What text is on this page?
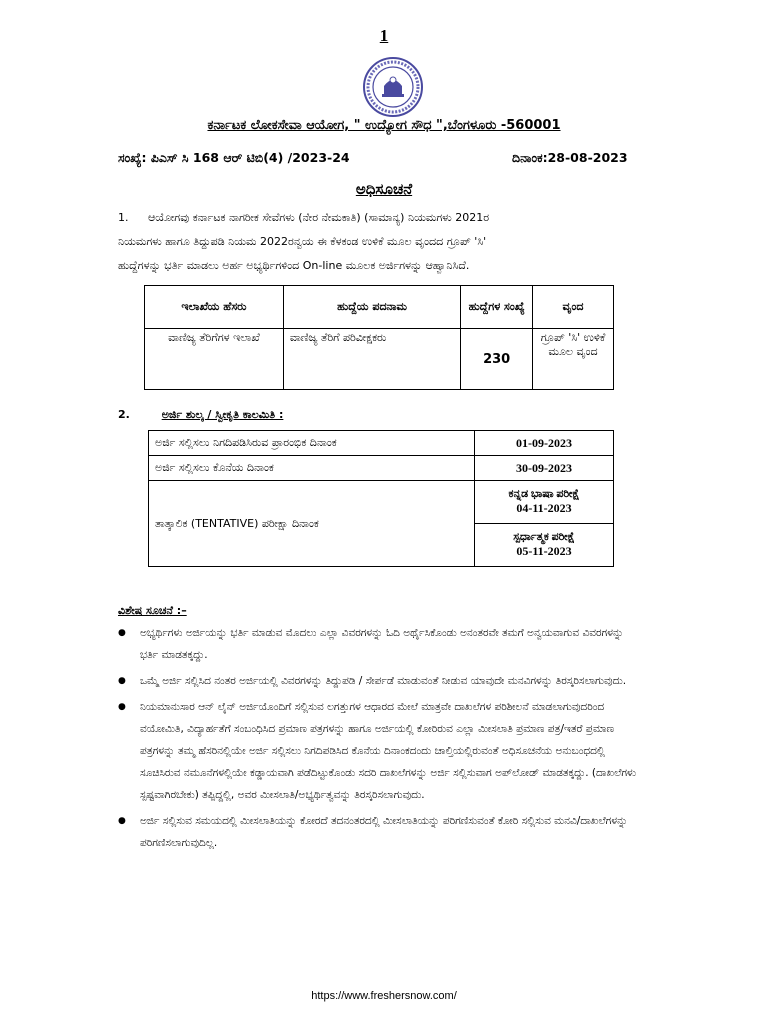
1
ಕರ್ನಾಟಕ ಲೋಕಸೇವಾ ಆಯೋಗ, " ಉದ್ಯೋಗ ಸೌಧ ",ಬೆಂಗಳೂರು -560001
ಸಂಖ್ಯೆ: ಪಿಎಸ್ ಸಿ 168 ಆರ್ ಟಿಬಿ(4) /2023-24	ದಿನಾಂಕ:28-08-2023
ಅಧಿಸೂಚನೆ
1.	ಆಯೋಗವು ಕರ್ನಾಟಕ ನಾಗರೀಕ ಸೇವೆಗಳು (ನೇರ ನೇಮಕಾತಿ) (ಸಾಮಾನ್ಯ) ನಿಯಮಗಳು 2021ರ
ನಿಯಮಗಳು ಹಾಗೂ ತಿದ್ದುಪಡಿ ನಿಯಮ 2022ರನ್ವಯ ಈ ಕೆಳಕಂಡ ಉಳಿಕೆ ಮೂಲ ವೃಂದದ ಗ್ರೂಪ್ 'ಸಿ'
ಹುದ್ದೆಗಳನ್ನು ಭರ್ತಿ ಮಾಡಲು ಅರ್ಹ ಅಭ್ಯರ್ಥಿಗಳಿಂದ On-line ಮೂಲಕ ಅರ್ಜಿಗಳನ್ನು ಆಹ್ವಾನಿಸಿದೆ.
ಇಲಾಖೆಯ ಹೆಸರು	ಹುದ್ದೆಯ ಪದನಾಮ	ಹುದ್ದೆಗಳ ಸಂಖ್ಯೆ	ವೃಂದ
ವಾಣಿಜ್ಯ ತೆರಿಗೆಗಳ ಇಲಾಖೆ	ವಾಣಿಜ್ಯ ತೆರಿಗೆ ಪರಿವೀಕ್ಷಕರು	230	ಗ್ರೂಪ್ 'ಸಿ' ಉಳಿಕೆ ಮೂಲ ವೃಂದ
2.	ಅರ್ಜಿ ಶುಲ್ಕ / ಸ್ವೀಕೃತಿ ಕಾಲಮಿತಿ :
ಅರ್ಜಿ ಸಲ್ಲಿಸಲು ನಿಗದಿಪಡಿಸಿರುವ ಪ್ರಾರಂಭಿಕ ದಿನಾಂಕ	01-09-2023
ಅರ್ಜಿ ಸಲ್ಲಿಸಲು ಕೊನೆಯ ದಿನಾಂಕ	30-09-2023
ತಾತ್ಕಾಲಿಕ (TENTATIVE) ಪರೀಕ್ಷಾ ದಿನಾಂಕ	ಕನ್ನಡ ಭಾಷಾ ಪರೀಕ್ಷೆ
04-11-2023

	ಸ್ಪರ್ಧಾತ್ಮಕ ಪರೀಕ್ಷೆ
05-11-2023
ವಿಶೇಷ ಸೂಚನೆ :–
● ಅಭ್ಯರ್ಥಿಗಳು ಅರ್ಜಿಯನ್ನು ಭರ್ತಿ ಮಾಡುವ ಮೊದಲು ಎಲ್ಲಾ ವಿವರಗಳನ್ನು ಓದಿ ಅರ್ಥೈಸಿಕೊಂಡು ಅನಂತರವೇ ತಮಗೆ ಅನ್ವಯವಾಗುವ ವಿವರಗಳನ್ನು ಭರ್ತಿ ಮಾಡತಕ್ಕದ್ದು.
● ಒಮ್ಮೆ ಅರ್ಜಿ ಸಲ್ಲಿಸಿದ ನಂತರ ಅರ್ಜಿಯಲ್ಲಿ ವಿವರಗಳನ್ನು ತಿದ್ದುಪಡಿ / ಸೇರ್ಪಡೆ ಮಾಡುವಂತೆ ನೀಡುವ ಯಾವುದೇ ಮನವಿಗಳನ್ನು ತಿರಸ್ಕರಿಸಲಾಗುವುದು.
● ನಿಯಮಾನುಸಾರ ಆನ್ ಲೈನ್ ಅರ್ಜಿಯೊಂದಿಗೆ ಸಲ್ಲಿಸುವ ಲಗತ್ತುಗಳ ಆಧಾರದ ಮೇಲೆ ಮಾತ್ರವೇ ದಾಖಲೆಗಳ ಪರಿಶೀಲನೆ ಮಾಡಲಾಗುವುದರಿಂದ ವಯೋಮಿತಿ, ವಿದ್ಯಾರ್ಹತೆಗೆ ಸಂಬಂಧಿಸಿದ ಪ್ರಮಾಣ ಪತ್ರಗಳನ್ನು ಹಾಗೂ ಅರ್ಜಿಯಲ್ಲಿ ಕೋರಿರುವ ಎಲ್ಲಾ ಮೀಸಲಾತಿ ಪ್ರಮಾಣ ಪತ್ರ/ಇತರೆ ಪ್ರಮಾಣ ಪತ್ರಗಳನ್ನು ತಮ್ಮ ಹೆಸರಿನಲ್ಲಿಯೇ ಅರ್ಜಿ ಸಲ್ಲಿಸಲು ನಿಗದಿಪಡಿಸಿದ ಕೊನೆಯ ದಿನಾಂಕದಂದು ಚಾಲ್ತಿಯಲ್ಲಿರುವಂತೆ ಅಧಿಸೂಚನೆಯ ಅನುಬಂಧದಲ್ಲಿ ಸೂಚಿಸಿರುವ ನಮೂನೆಗಳಲ್ಲಿಯೇ ಕಡ್ಡಾಯವಾಗಿ ಪಡೆದಿಟ್ಟುಕೊಂಡು ಸದರಿ ದಾಖಲೆಗಳನ್ನು ಅರ್ಜಿ ಸಲ್ಲಿಸುವಾಗ ಅಪ್‌ಲೋಡ್ ಮಾಡತಕ್ಕದ್ದು. (ದಾಖಲೆಗಳು ಸ್ಪಷ್ಟವಾಗಿರಬೇಕು) ತಪ್ಪಿದ್ದಲ್ಲಿ, ಅವರ ಮೀಸಲಾತಿ/ಅಭ್ಯರ್ಥಿತ್ವವನ್ನು ತಿರಸ್ಕರಿಸಲಾಗುವುದು.
● ಅರ್ಜಿ ಸಲ್ಲಿಸುವ ಸಮಯದಲ್ಲಿ ಮೀಸಲಾತಿಯನ್ನು ಕೋರದೆ ತದನಂತರದಲ್ಲಿ ಮೀಸಲಾತಿಯನ್ನು ಪರಿಗಣಿಸುವಂತೆ ಕೋರಿ ಸಲ್ಲಿಸುವ ಮನವಿ/ದಾಖಲೆಗಳನ್ನು ಪರಿಗಣಿಸಲಾಗುವುದಿಲ್ಲ.
https://www.freshersnow.com/
